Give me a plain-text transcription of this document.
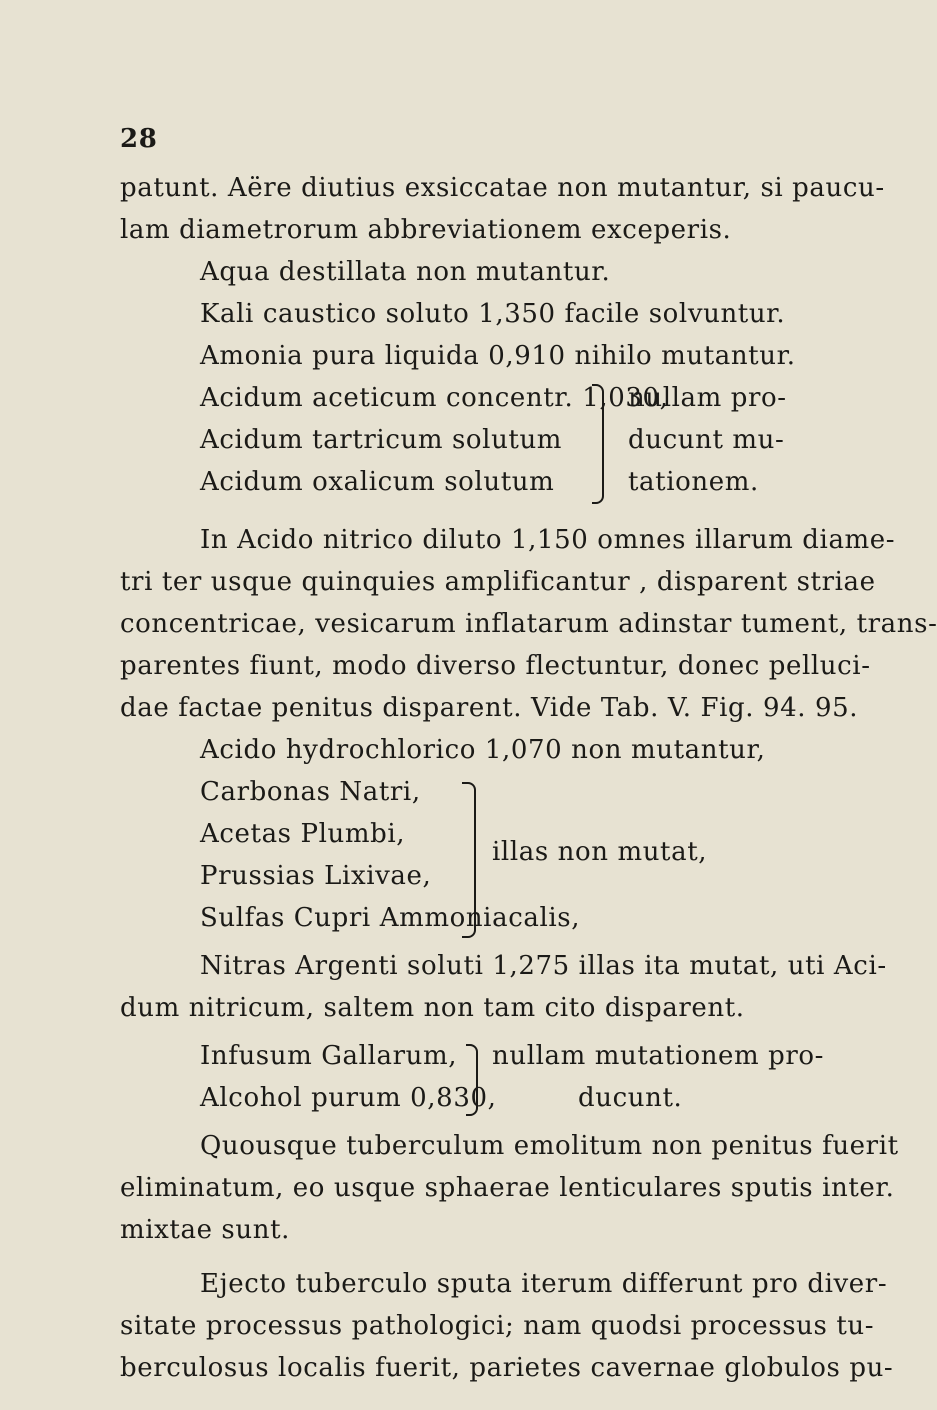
28
patunt. Aëre diutius exsiccatae non mutantur, si paucu-
lam diametrorum abbreviationem exceperis.
Aqua destillata non mutantur.
Kali caustico soluto 1,350 facile solvuntur.
Amonia pura liquida 0,910 nihilo mutantur.
Acidum aceticum concentr. 1,030,
Acidum tartricum solutum
Acidum oxalicum solutum
nullam pro-
ducunt mu-
tationem.
In Acido nitrico diluto 1,150 omnes illarum diame-
tri ter usque quinquies amplificantur , disparent striae
concentricae, vesicarum inflatarum adinstar tument, trans-
parentes fiunt, modo diverso flectuntur, donec pelluci-
dae factae penitus disparent. Vide Tab. V. Fig. 94. 95.
Acido hydrochlorico 1,070 non mutantur,
Carbonas Natri,
Acetas Plumbi,
Prussias Lixivae,
Sulfas Cupri Ammoniacalis,
illas non mutat,
Nitras Argenti soluti 1,275 illas ita mutat, uti Aci-
dum nitricum, saltem non tam cito disparent.
Infusum Gallarum,
Alcohol purum 0,830,
nullam mutationem pro-
ducunt.
Quousque tuberculum emolitum non penitus fuerit
eliminatum, eo usque sphaerae lenticulares sputis inter.
mixtae sunt.
Ejecto tuberculo sputa iterum differunt pro diver-
sitate processus pathologici; nam quodsi processus tu-
berculosus localis fuerit, parietes cavernae globulos pu-
